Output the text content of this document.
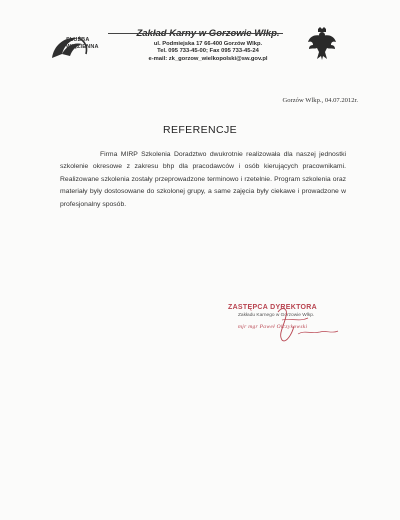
SŁUŻBA
WIĘZIENNA
Zakład Karny w Gorzowie Wlkp.
ul. Podmiejska 17 66-400 Gorzów Wlkp.
Tel. 095 733-45-00; Fax 095 733-45-24
e-mail: zk_gorzow_wielkopolski@sw.gov.pl
Gorzów Wlkp., 04.07.2012r.
REFERENCJE

Firma MIRP Szkolenia Doradztwo dwukrotnie realizowała dla naszej jednostki szkolenie okresowe z zakresu bhp dla pracodawców i osób kierujących pracownikami. Realizowane szkolenia zostały przeprowadzone terminowo i rzetelnie. Program szkolenia oraz materiały były dostosowane do szkolonej grupy, a same zajęcia były ciekawe i prowadzone w profesjonalny sposób.

ZASTĘPCA DYREKTORA
Zakładu Karnego w Gorzowie Wlkp.
mjr mgr Paweł Olczykowski
